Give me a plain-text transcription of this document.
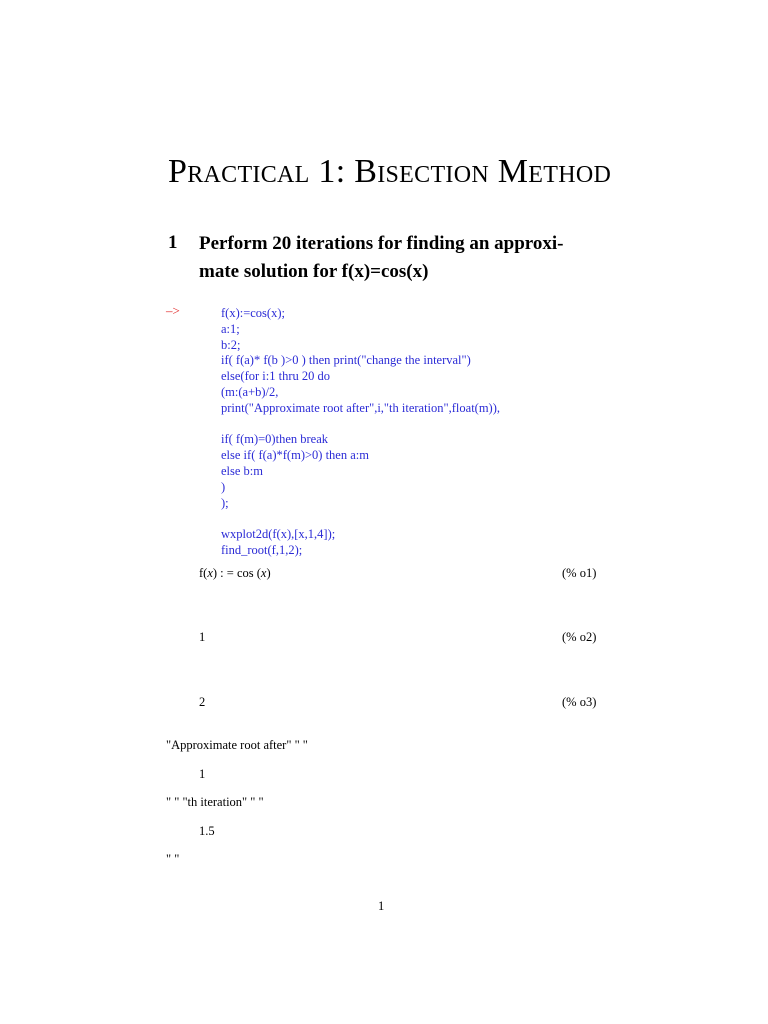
Practical 1: Bisection Method
1 Perform 20 iterations for finding an approxi-
mate solution for f(x)=cos(x)
–>	f(x):=cos(x);
a:1;
b:2;
if( f(a)* f(b )>0 ) then print("change the interval")
else(for i:1 thru 20 do
(m:(a+b)/2,
print("Approximate root after",i,"th iteration",float(m)),
if( f(m)=0)then break
else if( f(a)*f(m)>0) then a:m
else b:m
)
);
wxplot2d(f(x),[x,1,4]);
find_root(f,1,2);
f(x) : = cos (x)	(% o1)
1	(% o2)
2	(% o3)
"Approximate root after" " "
1
" " "th iteration" " "
1.5
" "
1
